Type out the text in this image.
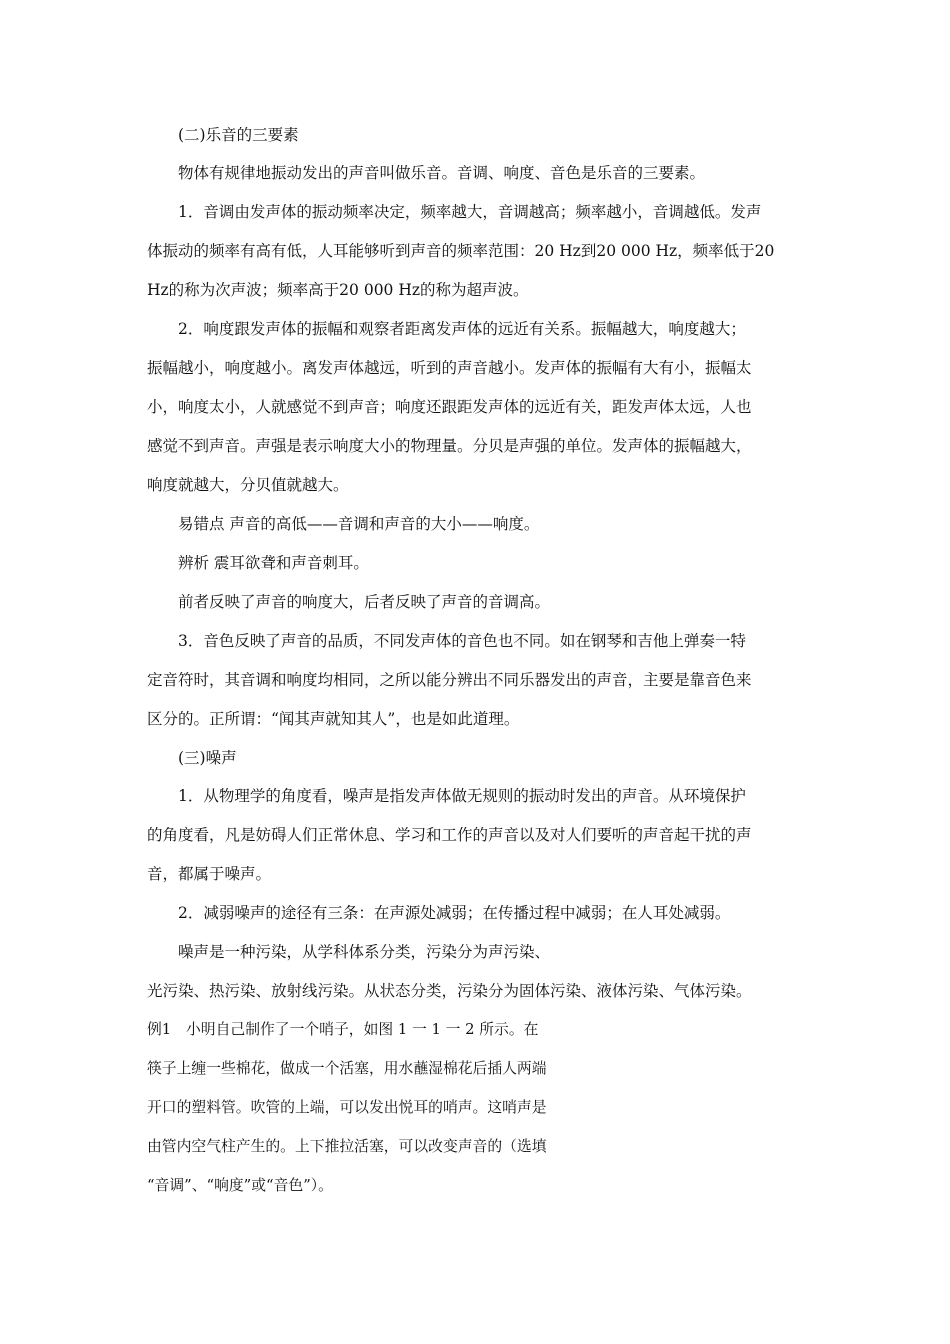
(二)乐音的三要素
物体有规律地振动发出的声音叫做乐音。音调、响度、音色是乐音的三要素。
1．音调由发声体的振动频率决定，频率越大，音调越高；频率越小，音调越低。发声
体振动的频率有高有低，人耳能够听到声音的频率范围：20 Hz到20 000 Hz，频率低于20
Hz的称为次声波；频率高于20 000 Hz的称为超声波。
2．响度跟发声体的振幅和观察者距离发声体的远近有关系。振幅越大，响度越大；
振幅越小，响度越小。离发声体越远，听到的声音越小。发声体的振幅有大有小，振幅太
小，响度太小，人就感觉不到声音；响度还跟距发声体的远近有关，距发声体太远，人也
感觉不到声音。声强是表示响度大小的物理量。分贝是声强的单位。发声体的振幅越大，
响度就越大，分贝值就越大。
易错点 声音的高低——音调和声音的大小——响度。
辨析 震耳欲聋和声音刺耳。
前者反映了声音的响度大，后者反映了声音的音调高。
3．音色反映了声音的品质，不同发声体的音色也不同。如在钢琴和吉他上弹奏一特
定音符时，其音调和响度均相同，之所以能分辨出不同乐器发出的声音，主要是靠音色来
区分的。正所谓：“闻其声就知其人”，也是如此道理。
(三)噪声
1．从物理学的角度看，噪声是指发声体做无规则的振动时发出的声音。从环境保护
的角度看，凡是妨碍人们正常休息、学习和工作的声音以及对人们要听的声音起干扰的声
音，都属于噪声。
2．减弱噪声的途径有三条：在声源处减弱；在传播过程中减弱；在人耳处减弱。
噪声是一种污染，从学科体系分类，污染分为声污染、
光污染、热污染、放射线污染。从状态分类，污染分为固体污染、液体污染、气体污染。
例1　小明自己制作了一个哨子，如图 1 一 1 一 2 所示。在
筷子上缠一些棉花，做成一个活塞，用水蘸湿棉花后插人两端
开口的塑料管。吹管的上端，可以发出悦耳的哨声。这哨声是
由管内空气柱产生的。上下推拉活塞，可以改变声音的（选填
“音调”、“响度”或“音色”）。
